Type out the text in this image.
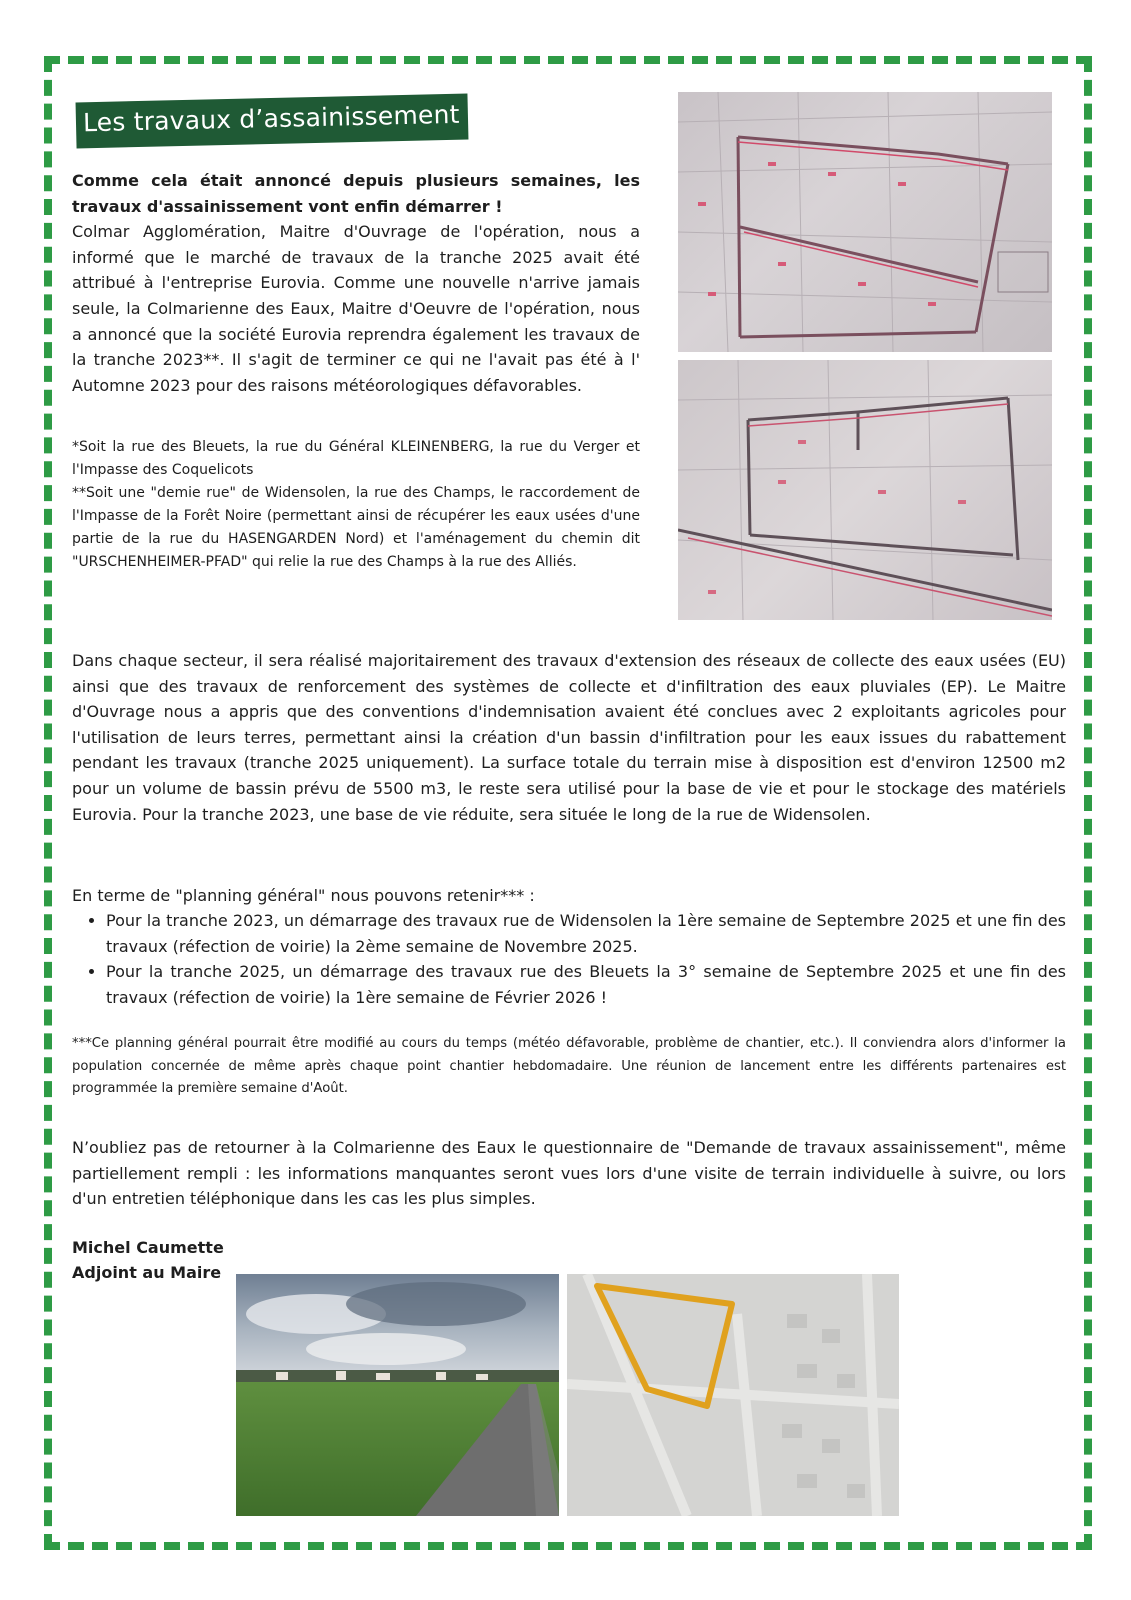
Les travaux d’assainissement

Comme cela était annoncé depuis plusieurs semaines, les travaux d'assainissement vont enfin démarrer !
Colmar Agglomération, Maitre d'Ouvrage de l'opération, nous a informé que le marché de travaux de la tranche 2025 avait été attribué à l'entreprise Eurovia. Comme une nouvelle n'arrive jamais seule, la Colmarienne des Eaux, Maitre d'Oeuvre de l'opération, nous a annoncé que la société Eurovia reprendra également les travaux de la tranche 2023**. Il s'agit de terminer ce qui ne l'avait pas été à l' Automne 2023 pour des raisons météorologiques défavorables.

*Soit la rue des Bleuets, la rue du Général KLEINENBERG, la rue du Verger et l'Impasse des Coquelicots

**Soit une "demie rue" de Widensolen, la rue des Champs, le raccordement de l'Impasse de la Forêt Noire (permettant ainsi de récupérer les eaux usées d'une partie de la rue du HASENGARDEN Nord) et l'aménagement du chemin dit "URSCHENHEIMER-PFAD" qui relie la rue des Champs à la rue des Alliés.

Dans chaque secteur, il sera réalisé majoritairement des travaux d'extension des réseaux de collecte des eaux usées (EU) ainsi que des travaux de renforcement des systèmes de collecte et d'infiltration des eaux pluviales (EP). Le Maitre d'Ouvrage nous a appris que des conventions d'indemnisation avaient été conclues avec 2 exploitants agricoles pour l'utilisation de leurs terres, permettant ainsi la création d'un bassin d'infiltration pour les eaux issues du rabattement pendant les travaux (tranche 2025 uniquement). La surface totale du terrain mise à disposition est d'environ 12500 m2 pour un volume de bassin prévu de 5500 m3, le reste sera utilisé pour la base de vie et pour le stockage des matériels Eurovia. Pour la tranche 2023, une base de vie réduite, sera située le long de la rue de Widensolen.

En terme de "planning général" nous pouvons retenir*** :

• Pour la tranche 2023, un démarrage des travaux rue de Widensolen la 1ère semaine de Septembre 2025 et une fin des travaux (réfection de voirie) la 2ème semaine de Novembre 2025.
• Pour la tranche 2025, un démarrage des travaux rue des Bleuets la 3° semaine de Septembre 2025 et une fin des travaux (réfection de voirie) la 1ère semaine de Février 2026 !

***Ce planning général pourrait être modifié au cours du temps (météo défavorable, problème de chantier, etc.). Il conviendra alors d'informer la population concernée de même après chaque point chantier hebdomadaire. Une réunion de lancement entre les différents partenaires est programmée la première semaine d'Août.

N’oubliez pas de retourner à la Colmarienne des Eaux le questionnaire de "Demande de travaux assainissement", même partiellement rempli : les informations manquantes seront vues lors d'une visite de terrain individuelle à suivre, ou lors d'un entretien téléphonique dans les cas les plus simples.

Michel Caumette
Adjoint au Maire
